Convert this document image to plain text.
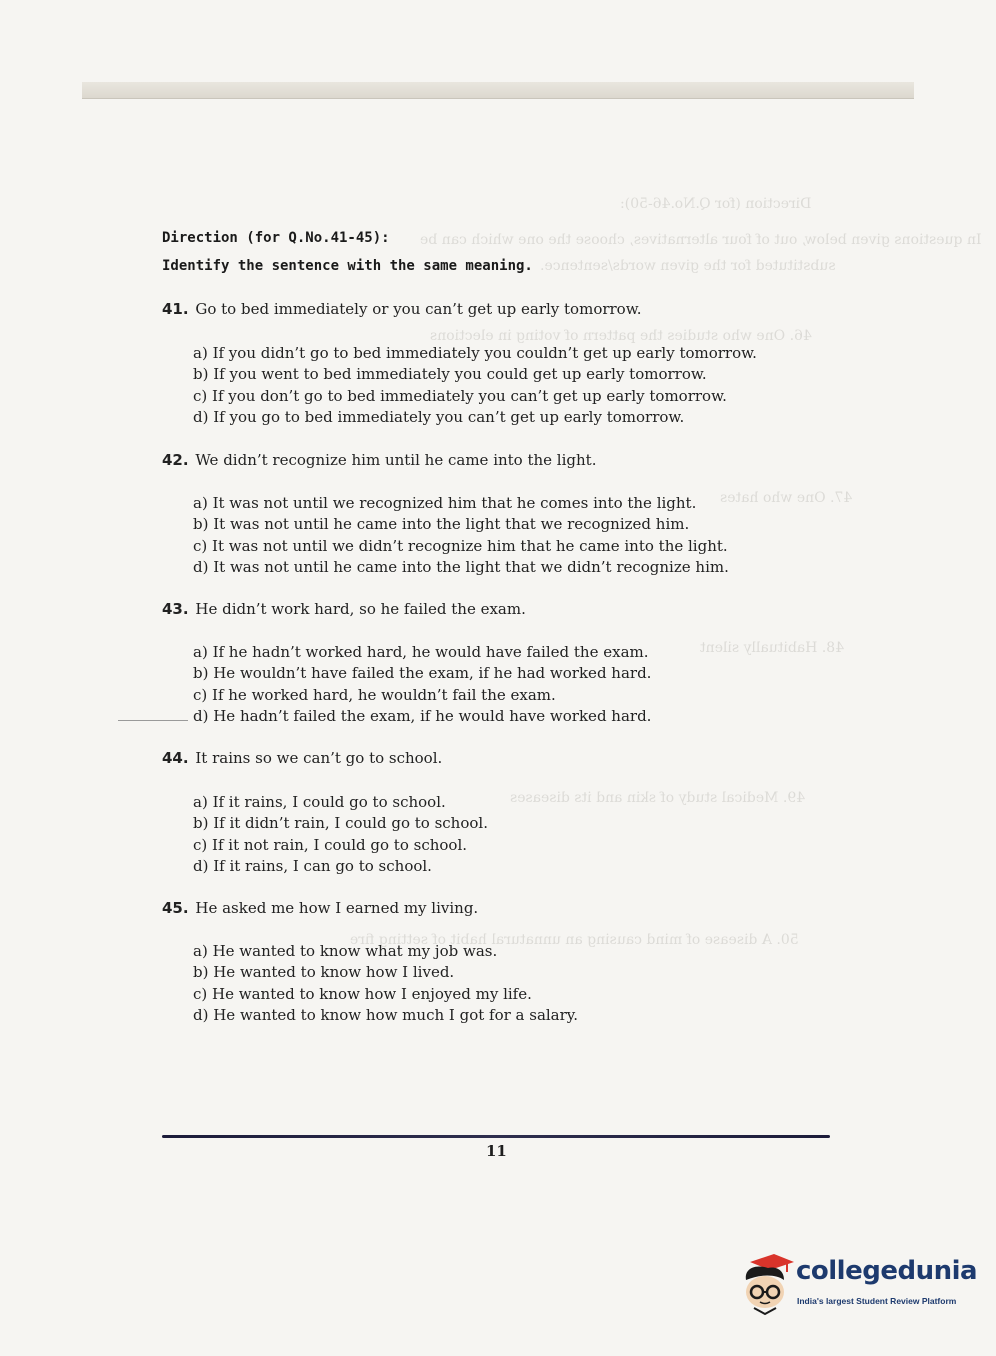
Direction (for Q.No.46-50):
In questions given below, out of four alternatives, choose the one which can be
substituted for the given words/sentence.
46. One who studies the pattern of voting in elections
47. One who hates
48. Habitually silent
49. Medical study of skin and its diseases
50. A disease of mind causing an unnatural habit of setting fire
Direction (for Q.No.41-45):
Identify the sentence with the same meaning.
41. Go to bed immediately or you can’t get up early tomorrow.
a) If you didn’t go to bed immediately you couldn’t get up early tomorrow.
b) If you went to bed immediately you could get up early tomorrow.
c) If you don’t go to bed immediately you can’t get up early tomorrow.
d) If you go to bed immediately you can’t get up early tomorrow.
42. We didn’t recognize him until he came into the light.
a) It was not until we recognized him that he comes into the light.
b) It was not until he came into the light that we recognized him.
c) It was not until we didn’t recognize him that he came into the light.
d) It was not until he came into the light that we didn’t recognize him.
43. He didn’t work hard, so he failed the exam.
a) If he hadn’t worked hard, he would have failed the exam.
b) He wouldn’t have failed the exam, if he had worked hard.
c) If he worked hard, he wouldn’t fail the exam.
d) He hadn’t failed the exam, if he would have worked hard.
44. It rains so we can’t go to school.
a) If it rains, I could go to school.
b) If it didn’t rain, I could go to school.
c) If it not rain, I could go to school.
d) If it rains, I can go to school.
45. He asked me how I earned my living.
a) He wanted to know what my job was.
b) He wanted to know how I lived.
c) He wanted to know how I enjoyed my life.
d) He wanted to know how much I got for a salary.
11
collegedunia
India's largest Student Review Platform
